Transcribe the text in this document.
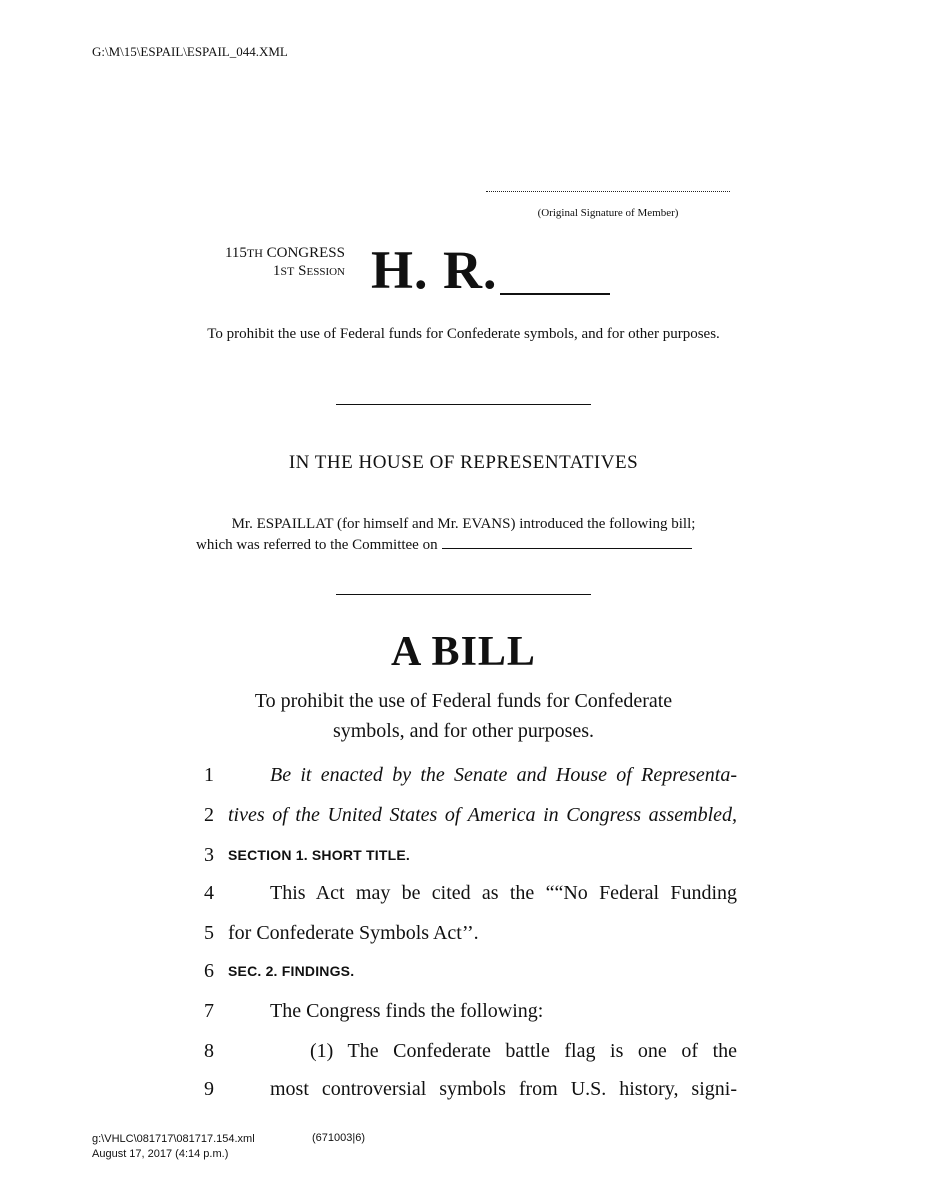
G:\M\15\ESPAIL\ESPAIL_044.XML
(Original Signature of Member)
115TH CONGRESS
1ST Session H. R.
To prohibit the use of Federal funds for Confederate symbols, and for other purposes.
IN THE HOUSE OF REPRESENTATIVES
Mr. ESPAILLAT (for himself and Mr. EVANS) introduced the following bill;
which was referred to the Committee on
A BILL
To prohibit the use of Federal funds for Confederate
symbols, and for other purposes.
1	Be it enacted by the Senate and House of Representa-
2 tives of the United States of America in Congress assembled,
3 SECTION 1. SHORT TITLE.
4	This Act may be cited as the ““No Federal Funding
5 for Confederate Symbols Act’’.
6 SEC. 2. FINDINGS.
7	The Congress finds the following:
8	(1) The Confederate battle flag is one of the
9	most controversial symbols from U.S. history, signi-
g:\VHLC\081717\081717.154.xml
August 17, 2017 (4:14 p.m.)
(671003|6)
